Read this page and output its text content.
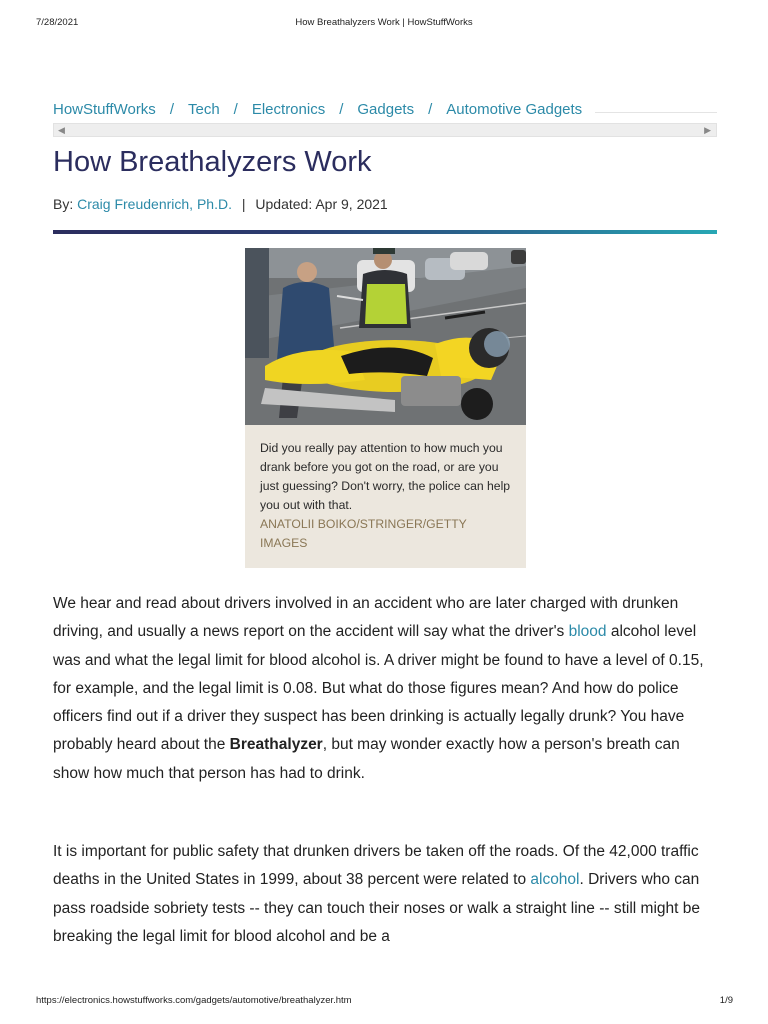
7/28/2021	How Breathalyzers Work | HowStuffWorks
HowStuffWorks / Tech / Electronics / Gadgets / Automotive Gadgets
◀	▶
How Breathalyzers Work
By: Craig Freudenrich, Ph.D. | Updated: Apr 9, 2021
Did you really pay attention to how much you drank before you got on the road, or are you just guessing? Don't worry, the police can help you out with that.
ANATOLII BOIKO/STRINGER/GETTY IMAGES

We hear and read about drivers involved in an accident who are later charged with drunken driving, and usually a news report on the accident will say what the driver's blood alcohol level was and what the legal limit for blood alcohol is. A driver might be found to have a level of 0.15, for example, and the legal limit is 0.08. But what do those figures mean? And how do police officers find out if a driver they suspect has been drinking is actually legally drunk? You have probably heard about the Breathalyzer, but may wonder exactly how a person's breath can show how much that person has had to drink.

It is important for public safety that drunken drivers be taken off the roads. Of the 42,000 traffic deaths in the United States in 1999, about 38 percent were related to alcohol. Drivers who can pass roadside sobriety tests -- they can touch their noses or walk a straight line -- still might be breaking the legal limit for blood alcohol and be a

https://electronics.howstuffworks.com/gadgets/automotive/breathalyzer.htm	1/9
